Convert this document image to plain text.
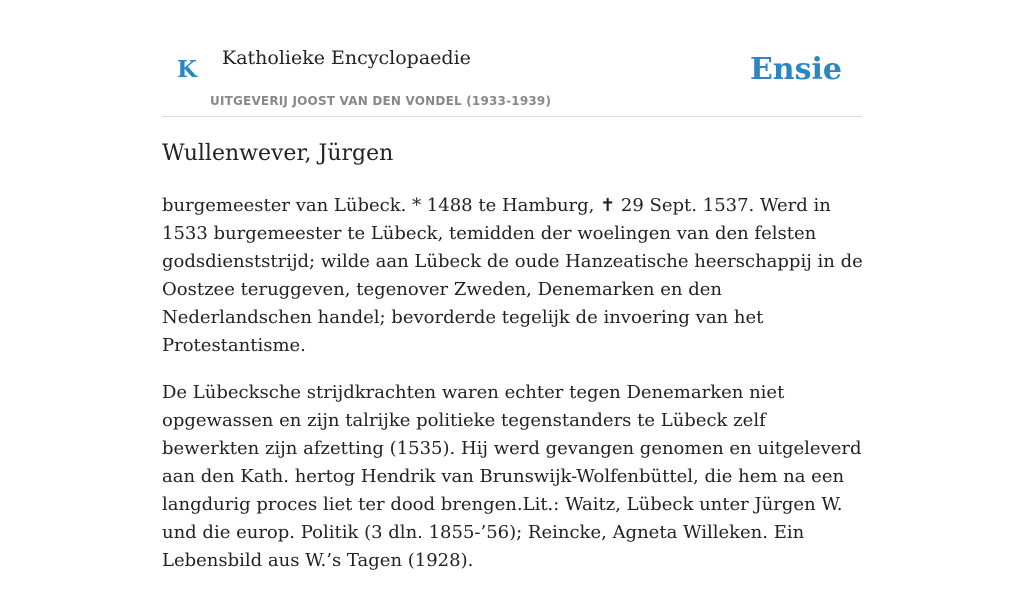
K Katholieke Encyclopaedie
UITGEVERIJ JOOST VAN DEN VONDEL (1933-1939)
Ensie
Wullenwever, Jürgen

burgemeester van Lübeck. * 1488 te Hamburg, ✝ 29 Sept. 1537. Werd in 1533 burgemeester te Lübeck, temidden der woelingen van den felsten godsdienststrijd; wilde aan Lübeck de oude Hanzeatische heerschappij in de Oostzee teruggeven, tegenover Zweden, Denemarken en den Nederlandschen handel; bevorderde tegelijk de invoering van het Protestantisme.

De Lübecksche strijdkrachten waren echter tegen Denemarken niet opgewassen en zijn talrijke politieke tegenstanders te Lübeck zelf bewerkten zijn afzetting (1535). Hij werd gevangen genomen en uitgeleverd aan den Kath. hertog Hendrik van Brunswijk-Wolfenbüttel, die hem na een langdurig proces liet ter dood brengen.Lit.: Waitz, Lübeck unter Jürgen W. und die europ. Politik (3 dln. 1855-’56); Reincke, Agneta Willeken. Ein Lebensbild aus W.’s Tagen (1928).
